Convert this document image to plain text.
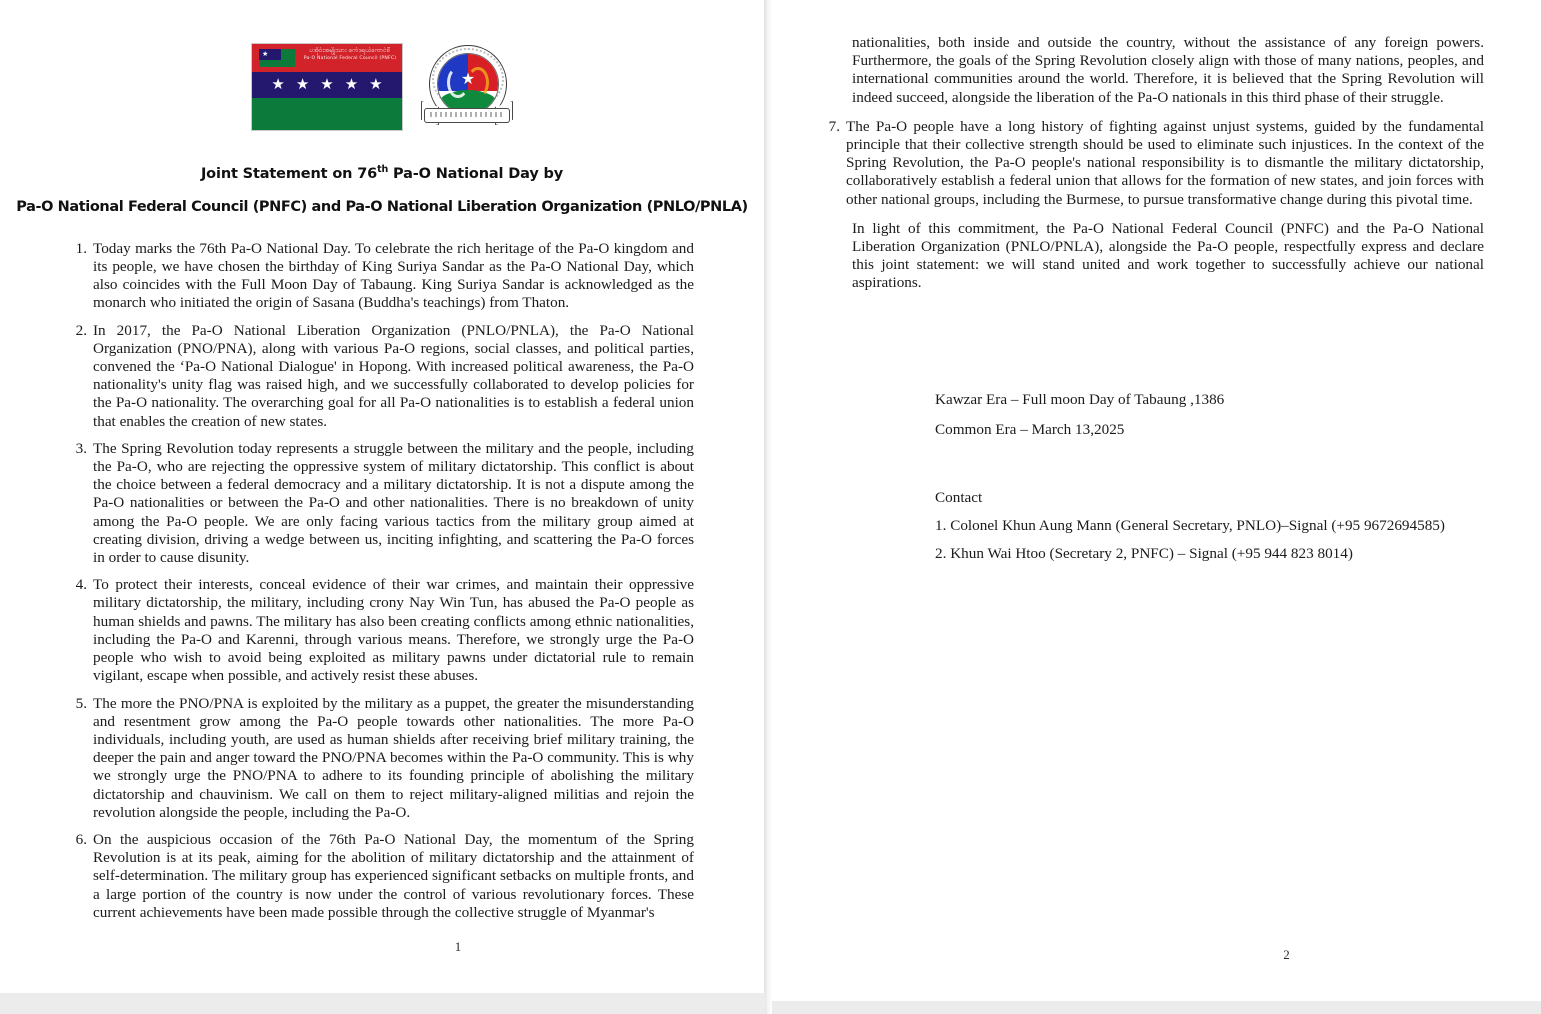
★	ပအိုဝ်းအမျိုးသား ဖက်ဒရယ်ကောင်စီ
Pa-O National Federal Council (PNFC)
★ ★ ★ ★ ★	★
Joint Statement on 76th Pa-O National Day by
Pa-O National Federal Council (PNFC) and Pa-O National Liberation Organization (PNLO/PNLA)
1. Today marks the 76th Pa-O National Day. To celebrate the rich heritage of the Pa-O kingdom and its people, we have chosen the birthday of King Suriya Sandar as the Pa-O National Day, which also coincides with the Full Moon Day of Tabaung. King Suriya Sandar is acknowledged as the monarch who initiated the origin of Sasana (Buddha's teachings) from Thaton.
2. In 2017, the Pa-O National Liberation Organization (PNLO/PNLA), the Pa-O National Organization (PNO/PNA), along with various Pa-O regions, social classes, and political parties, convened the ‘Pa-O National Dialogue' in Hopong. With increased political awareness, the Pa-O nationality's unity flag was raised high, and we successfully collaborated to develop policies for the Pa-O nationality. The overarching goal for all Pa-O nationalities is to establish a federal union that enables the creation of new states.
3. The Spring Revolution today represents a struggle between the military and the people, including the Pa-O, who are rejecting the oppressive system of military dictatorship. This conflict is about the choice between a federal democracy and a military dictatorship. It is not a dispute among the Pa-O nationalities or between the Pa-O and other nationalities. There is no breakdown of unity among the Pa-O people. We are only facing various tactics from the military group aimed at creating division, driving a wedge between us, inciting infighting, and scattering the Pa-O forces in order to cause disunity.
4. To protect their interests, conceal evidence of their war crimes, and maintain their oppressive military dictatorship, the military, including crony Nay Win Tun, has abused the Pa-O people as human shields and pawns. The military has also been creating conflicts among ethnic nationalities, including the Pa-O and Karenni, through various means. Therefore, we strongly urge the Pa-O people who wish to avoid being exploited as military pawns under dictatorial rule to remain vigilant, escape when possible, and actively resist these abuses.
5. The more the PNO/PNA is exploited by the military as a puppet, the greater the misunderstanding and resentment grow among the Pa-O people towards other nationalities. The more Pa-O individuals, including youth, are used as human shields after receiving brief military training, the deeper the pain and anger toward the PNO/PNA becomes within the Pa-O community. This is why we strongly urge the PNO/PNA to adhere to its founding principle of abolishing the military dictatorship and chauvinism. We call on them to reject military-aligned militias and rejoin the revolution alongside the people, including the Pa-O.
6. On the auspicious occasion of the 76th Pa-O National Day, the momentum of the Spring Revolution is at its peak, aiming for the abolition of military dictatorship and the attainment of self-determination. The military group has experienced significant setbacks on multiple fronts, and a large portion of the country is now under the control of various revolutionary forces. These current achievements have been made possible through the collective struggle of Myanmar's
1
nationalities, both inside and outside the country, without the assistance of any foreign powers. Furthermore, the goals of the Spring Revolution closely align with those of many nations, peoples, and international communities around the world. Therefore, it is believed that the Spring Revolution will indeed succeed, alongside the liberation of the Pa-O nationals in this third phase of their struggle.
7. The Pa-O people have a long history of fighting against unjust systems, guided by the fundamental principle that their collective strength should be used to eliminate such injustices. In the context of the Spring Revolution, the Pa-O people's national responsibility is to dismantle the military dictatorship, collaboratively establish a federal union that allows for the formation of new states, and join forces with other national groups, including the Burmese, to pursue transformative change during this pivotal time.
In light of this commitment, the Pa-O National Federal Council (PNFC) and the Pa-O National Liberation Organization (PNLO/PNLA), alongside the Pa-O people, respectfully express and declare this joint statement: we will stand united and work together to successfully achieve our national aspirations.
Kawzar Era – Full moon Day of Tabaung ,1386
Common Era – March 13,2025
Contact
1. Colonel Khun Aung Mann (General Secretary, PNLO)–Signal (+95 9672694585)
2. Khun Wai Htoo (Secretary 2, PNFC) – Signal (+95 944 823 8014)
2
